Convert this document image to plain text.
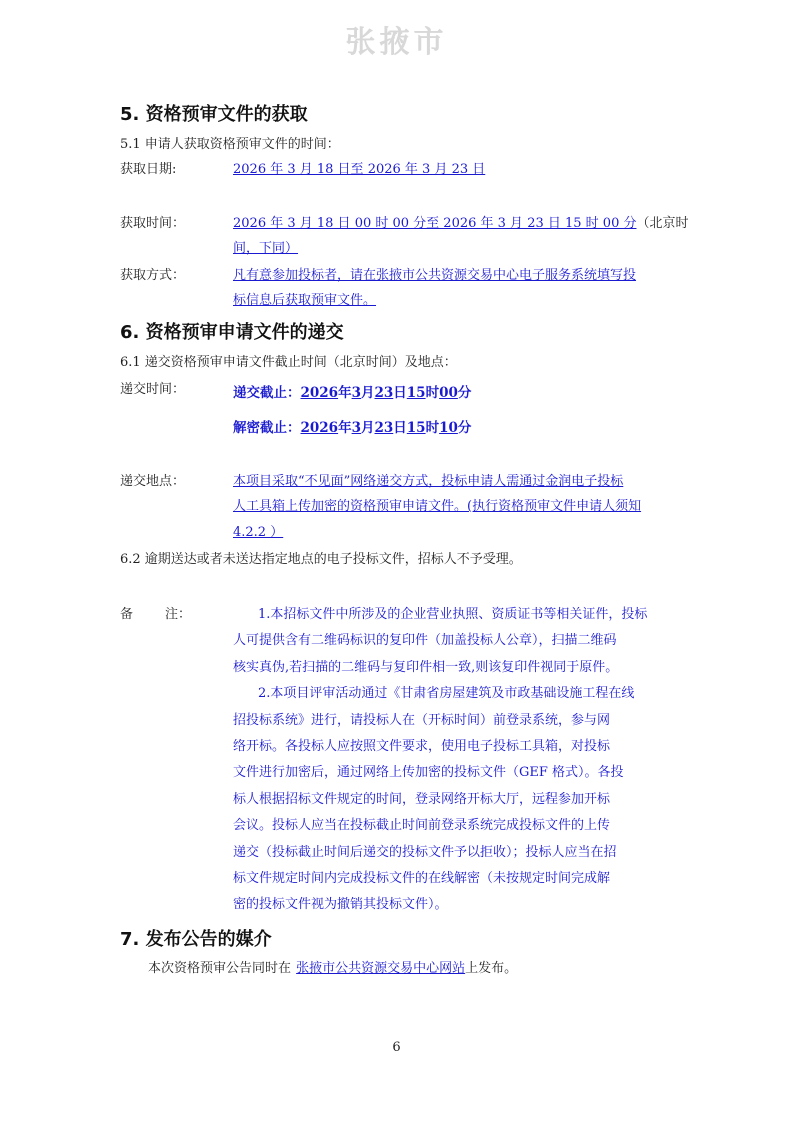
张掖市
5. 资格预审文件的获取
5.1 申请人获取资格预审文件的时间：
获取日期:	2026 年 3 月 18 日至 2026 年 3 月 23 日
获取时间：	2026 年 3 月 18 日 00 时 00 分至 2026 年 3 月 23 日 15 时 00 分（北京时
间，下同）
获取方式：	凡有意参加投标者，请在张掖市公共资源交易中心电子服务系统填写投
标信息后获取预审文件。
6. 资格预审申请文件的递交
6.1 递交资格预审申请文件截止时间（北京时间）及地点：
递交时间：	递交截止：2026年3月23日15时00分
解密截止：2026年3月23日15时10分
递交地点：	本项目采取“不见面”网络递交方式，投标申请人需通过金润电子投标
人工具箱上传加密的资格预审申请文件。(执行资格预审文件申请人须知
4.2.2 ）
6.2 逾期送达或者未送达指定地点的电子投标文件，招标人不予受理。
备 注：	1.本招标文件中所涉及的企业营业执照、资质证书等相关证件，投标
人可提供含有二维码标识的复印件（加盖投标人公章），扫描二维码
核实真伪,若扫描的二维码与复印件相一致,则该复印件视同于原件。
2.本项目评审活动通过《甘肃省房屋建筑及市政基础设施工程在线
招投标系统》进行，请投标人在（开标时间）前登录系统，参与网
络开标。各投标人应按照文件要求，使用电子投标工具箱，对投标
文件进行加密后，通过网络上传加密的投标文件（GEF 格式）。各投
标人根据招标文件规定的时间，登录网络开标大厅，远程参加开标
会议。投标人应当在投标截止时间前登录系统完成投标文件的上传
递交（投标截止时间后递交的投标文件予以拒收）；投标人应当在招
标文件规定时间内完成投标文件的在线解密（未按规定时间完成解
密的投标文件视为撤销其投标文件）。
7. 发布公告的媒介
本次资格预审公告同时在 张掖市公共资源交易中心网站上发布。
6
